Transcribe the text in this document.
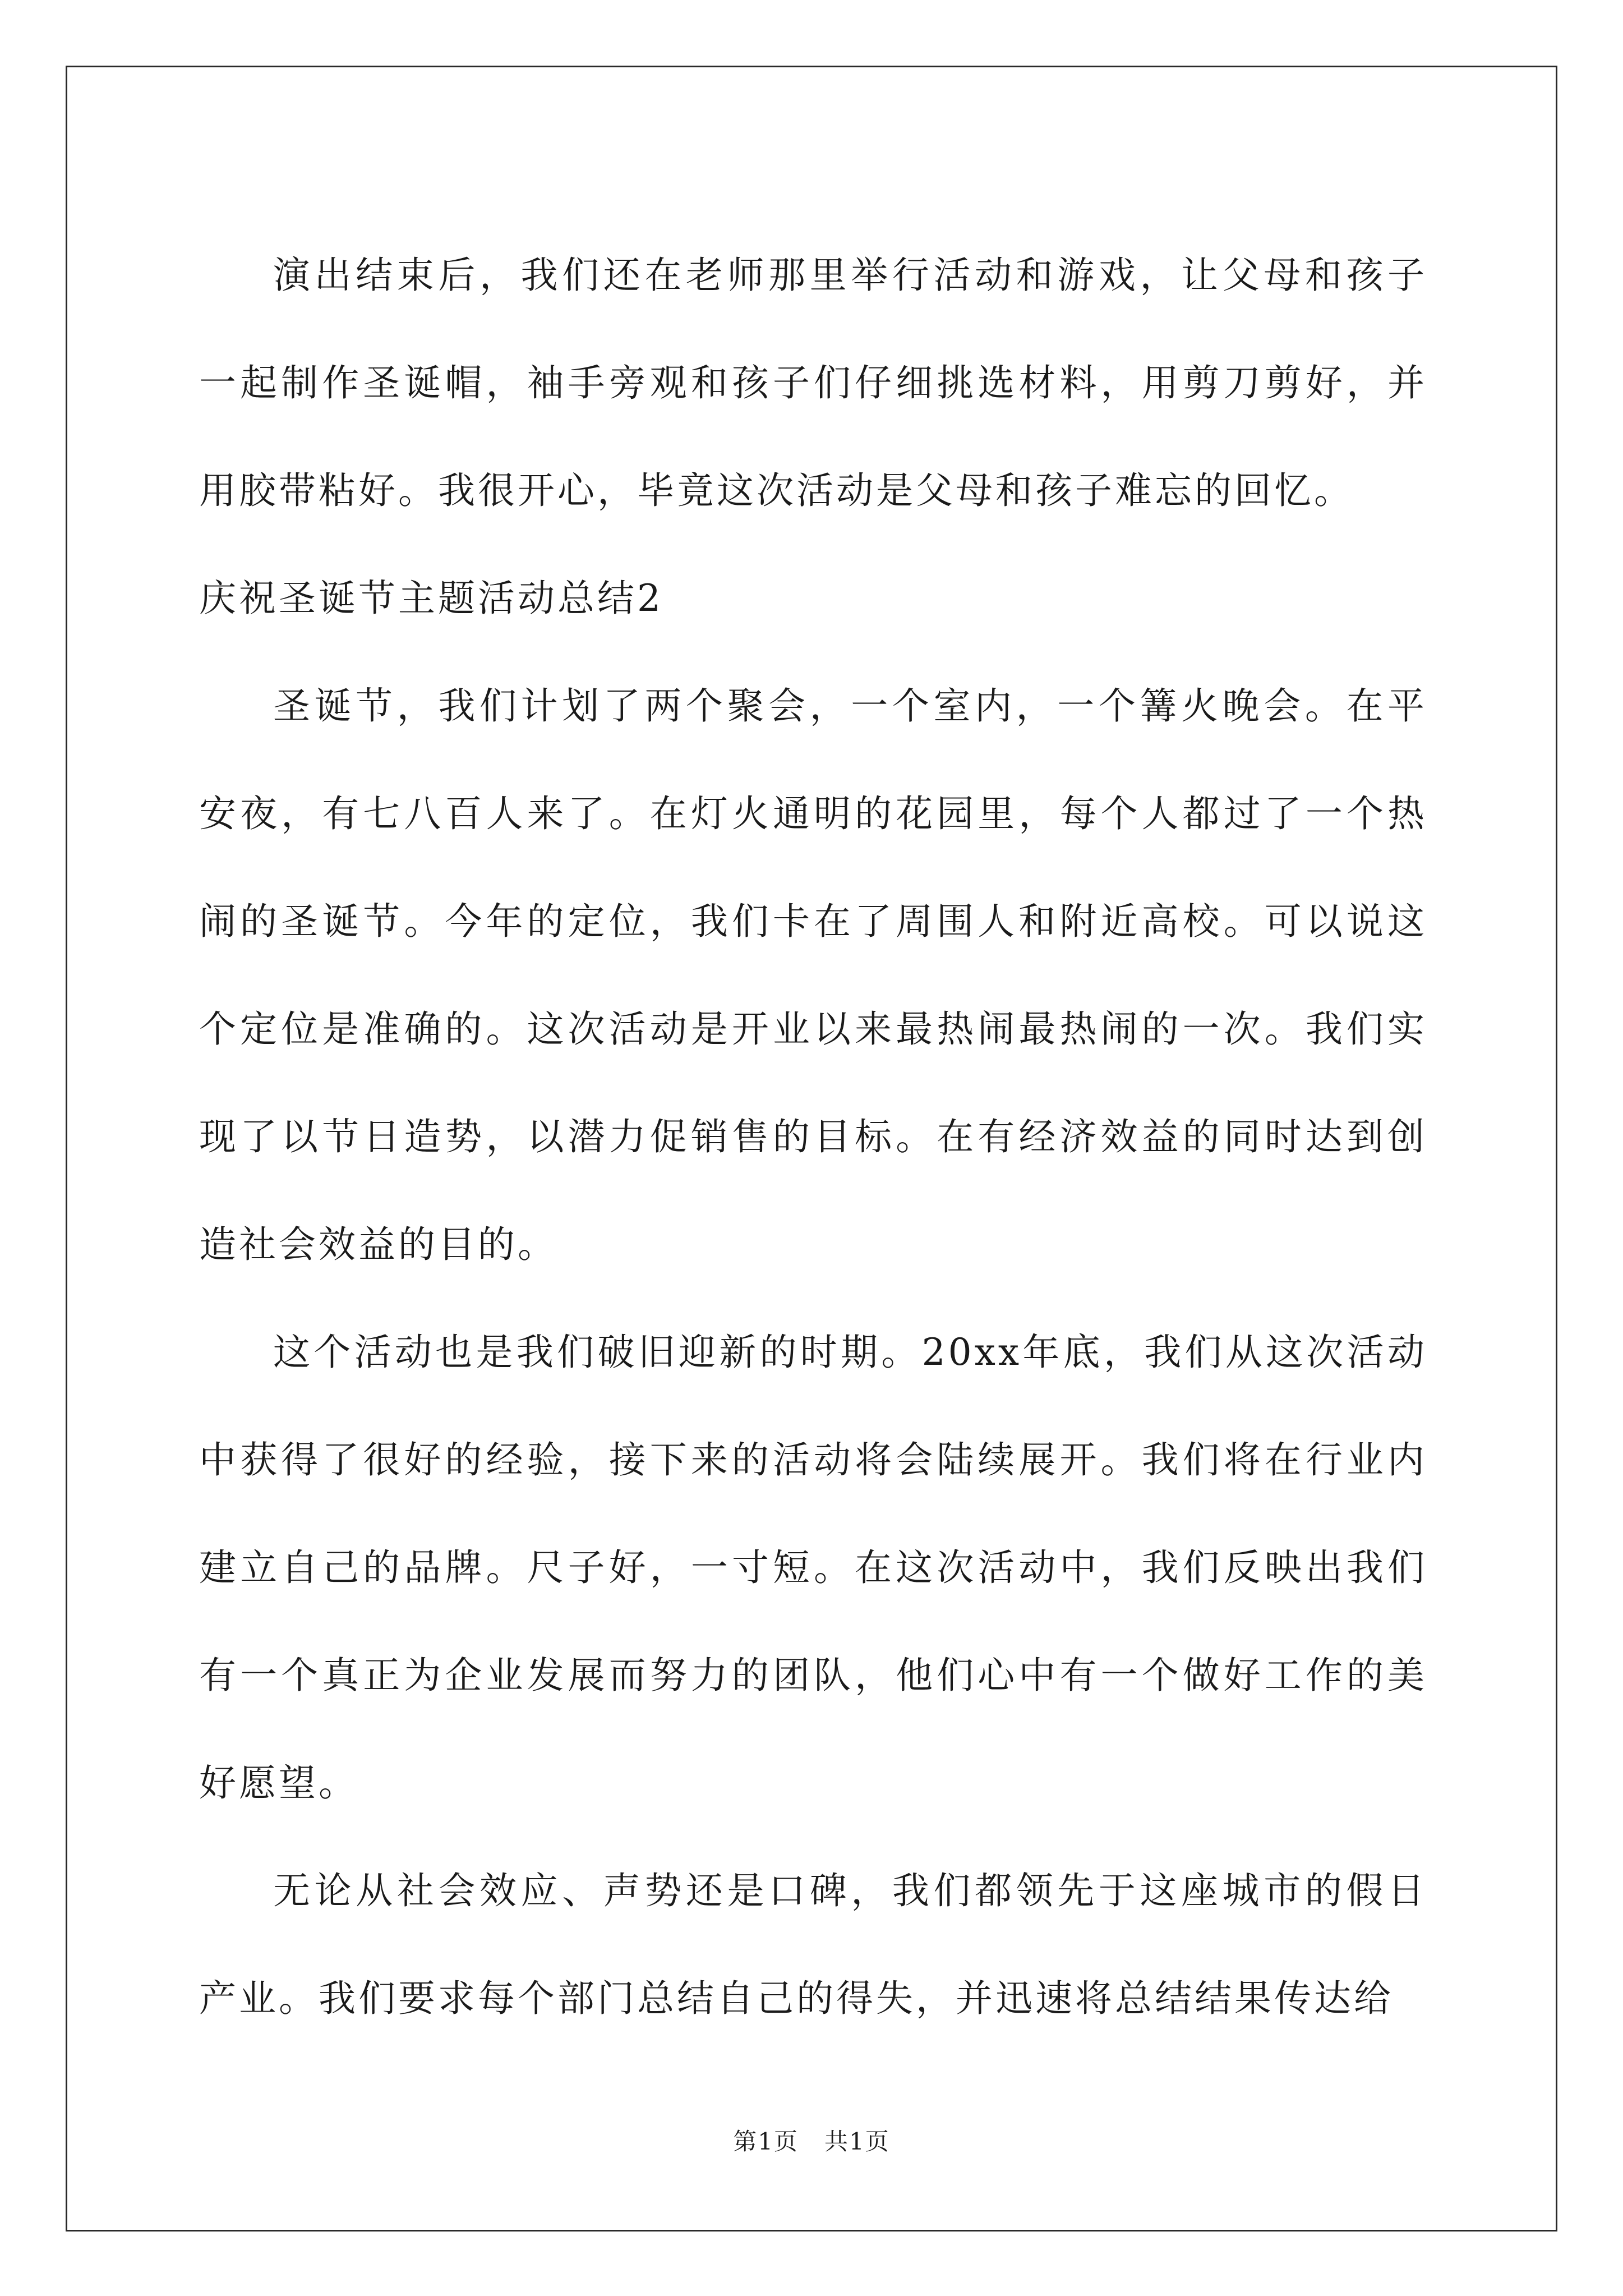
演出结束后，我们还在老师那里举行活动和游戏，让父母和孩子一起制作圣诞帽，袖手旁观和孩子们仔细挑选材料，用剪刀剪好，并用胶带粘好。我很开心，毕竟这次活动是父母和孩子难忘的回忆。

庆祝圣诞节主题活动总结2

圣诞节，我们计划了两个聚会，一个室内，一个篝火晚会。在平安夜，有七八百人来了。在灯火通明的花园里，每个人都过了一个热闹的圣诞节。今年的定位，我们卡在了周围人和附近高校。可以说这个定位是准确的。这次活动是开业以来最热闹最热闹的一次。我们实现了以节日造势，以潜力促销售的目标。在有经济效益的同时达到创造社会效益的目的。

这个活动也是我们破旧迎新的时期。20xx年底，我们从这次活动中获得了很好的经验，接下来的活动将会陆续展开。我们将在行业内建立自己的品牌。尺子好，一寸短。在这次活动中，我们反映出我们有一个真正为企业发展而努力的团队，他们心中有一个做好工作的美好愿望。

无论从社会效应、声势还是口碑，我们都领先于这座城市的假日产业。我们要求每个部门总结自己的得失，并迅速将总结结果传达给

第1页 共1页
